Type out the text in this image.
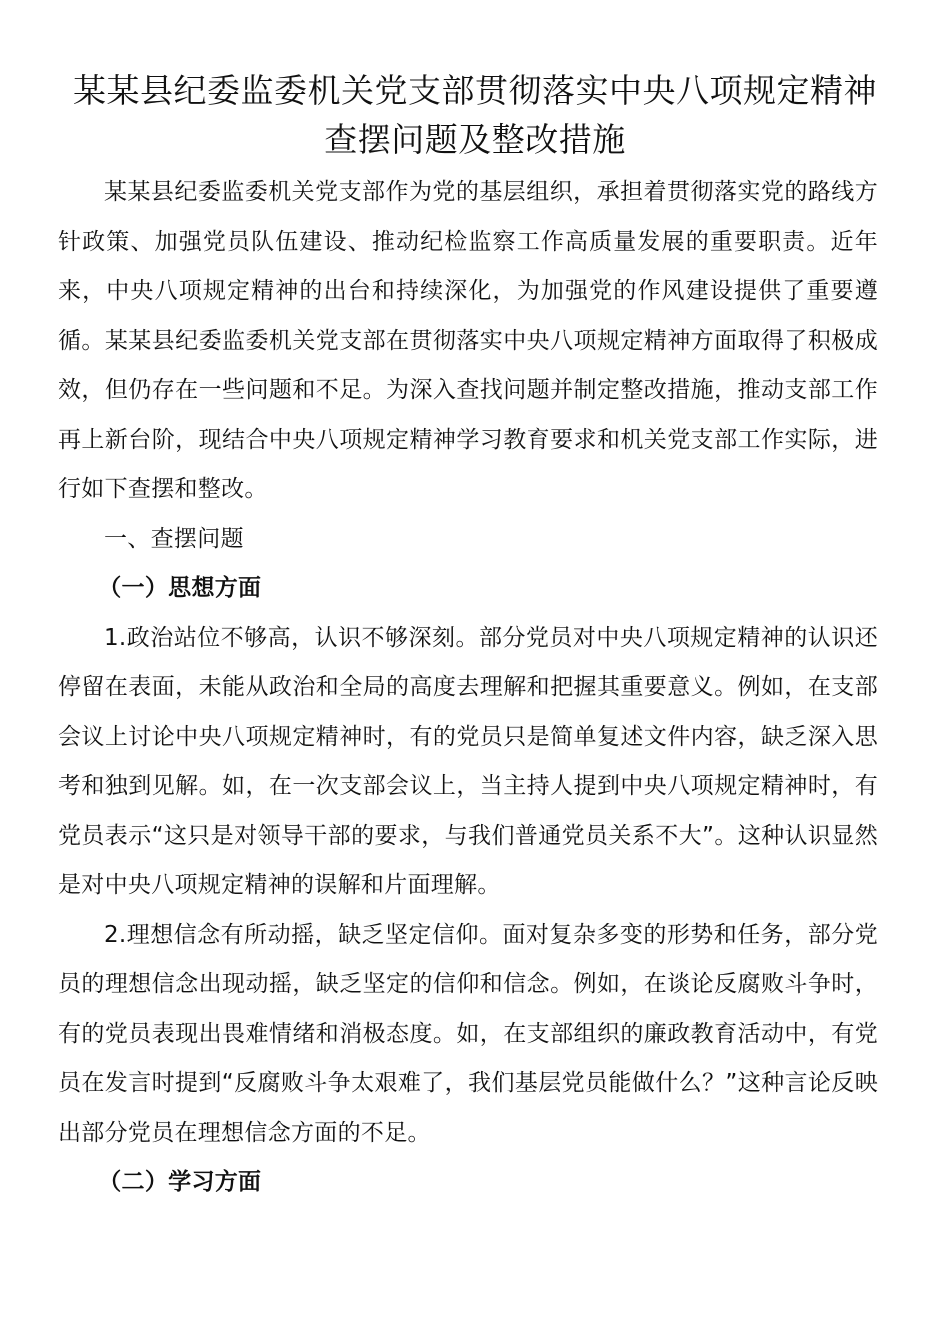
某某县纪委监委机关党支部贯彻落实中央八项规定精神查摆问题及整改措施

某某县纪委监委机关党支部作为党的基层组织，承担着贯彻落实党的路线方针政策、加强党员队伍建设、推动纪检监察工作高质量发展的重要职责。近年来，中央八项规定精神的出台和持续深化，为加强党的作风建设提供了重要遵循。某某县纪委监委机关党支部在贯彻落实中央八项规定精神方面取得了积极成效，但仍存在一些问题和不足。为深入查找问题并制定整改措施，推动支部工作再上新台阶，现结合中央八项规定精神学习教育要求和机关党支部工作实际，进行如下查摆和整改。

一、查摆问题

（一）思想方面

1.政治站位不够高，认识不够深刻。部分党员对中央八项规定精神的认识还停留在表面，未能从政治和全局的高度去理解和把握其重要意义。例如，在支部会议上讨论中央八项规定精神时，有的党员只是简单复述文件内容，缺乏深入思考和独到见解。如，在一次支部会议上，当主持人提到中央八项规定精神时，有党员表示“这只是对领导干部的要求，与我们普通党员关系不大”。这种认识显然是对中央八项规定精神的误解和片面理解。

2.理想信念有所动摇，缺乏坚定信仰。面对复杂多变的形势和任务，部分党员的理想信念出现动摇，缺乏坚定的信仰和信念。例如，在谈论反腐败斗争时，有的党员表现出畏难情绪和消极态度。如，在支部组织的廉政教育活动中，有党员在发言时提到“反腐败斗争太艰难了，我们基层党员能做什么？”这种言论反映出部分党员在理想信念方面的不足。

（二）学习方面
